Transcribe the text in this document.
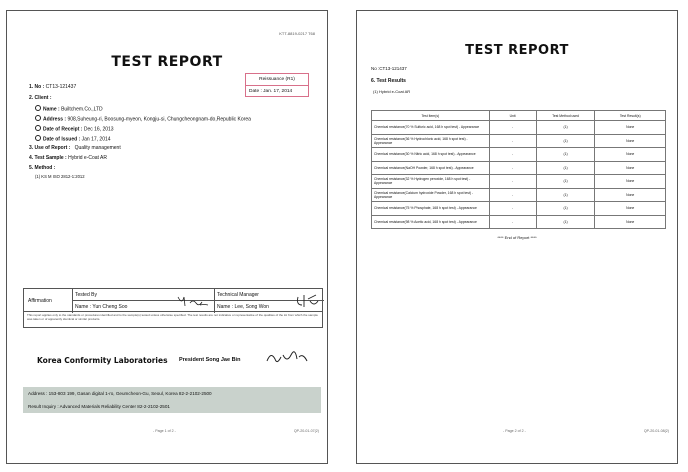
KTT-8819-0217 T68
TEST REPORT
Reissuance (R1)
Date : Jan. 17, 2014
1. No : CT13-121437
2. Client :
Name : Builtchem.Co.,LTD
Address : 908,Suheung-ri, Boosung-myeon, Kongju-si, Chungcheongnam-do,Republic Korea
Date of Receipt : Dec 16, 2013
Date of Issued : Jan 17, 2014
3. Use of Report : Quality management
4. Test Sample : Hybrid e-Coat AR
5. Method :
(1) KS M ISO 2812-1:2012
Affirmation
Tested By
Name : Yun Cheng Soo
Technical Manager
Name : Lee, Song Won
This report applies only to the standards or procedures identified and to the sample(s) tested unless otherwise specified. The test results are not indicative or representative of the qualities of the lot from which the sample was taken or of apparently identical or similar products.
Korea Conformity Laboratories President Song Jae Bin
Address : 153-803 199, Gasan digital 1-ro, Geumcheon-Gu, Seoul, Korea 82-2-2102-2500
Result Inquiry : Advanced Materials Reliability Center 82-2-2102-2501
- Page 1 of 2 -	QP-20-01-07(2)
TEST REPORT
No :CT13-121437
6. Test Results
(1) Hybrid e-Coat AR
Test Item(s)	Unit	Test Method used	Test Result(s)
Chemical resistance(70 % Sulfuric acid, 168 h spot test) - Appearance	-	(1)	None
Chemical resistance(36 % Hydrochloric acid, 168 h spot test) - Appearance	-	(1)	None
Chemical resistance(30 % Nitric acid, 168 h spot test) - Appearance	-	(1)	None
Chemical resistance(NaOH Powder, 168 h spot test) - Appearance	-	(1)	None
Chemical resistance(32 % Hydrogen peroxide, 168 h spot test) - Appearance	-	(1)	None
Chemical resistance(Calcium hydroxide Powder, 168 h spot test) - Appearance	-	(1)	None
Chemical resistance(75 % Phosphate, 168 h spot test) - Appearance	-	(1)	None
Chemical resistance(98 % Acetic acid, 168 h spot test) - Appearance	-	(1)	None
**** End of Report ****
- Page 2 of 2 -	QP-20-01-08(2)
